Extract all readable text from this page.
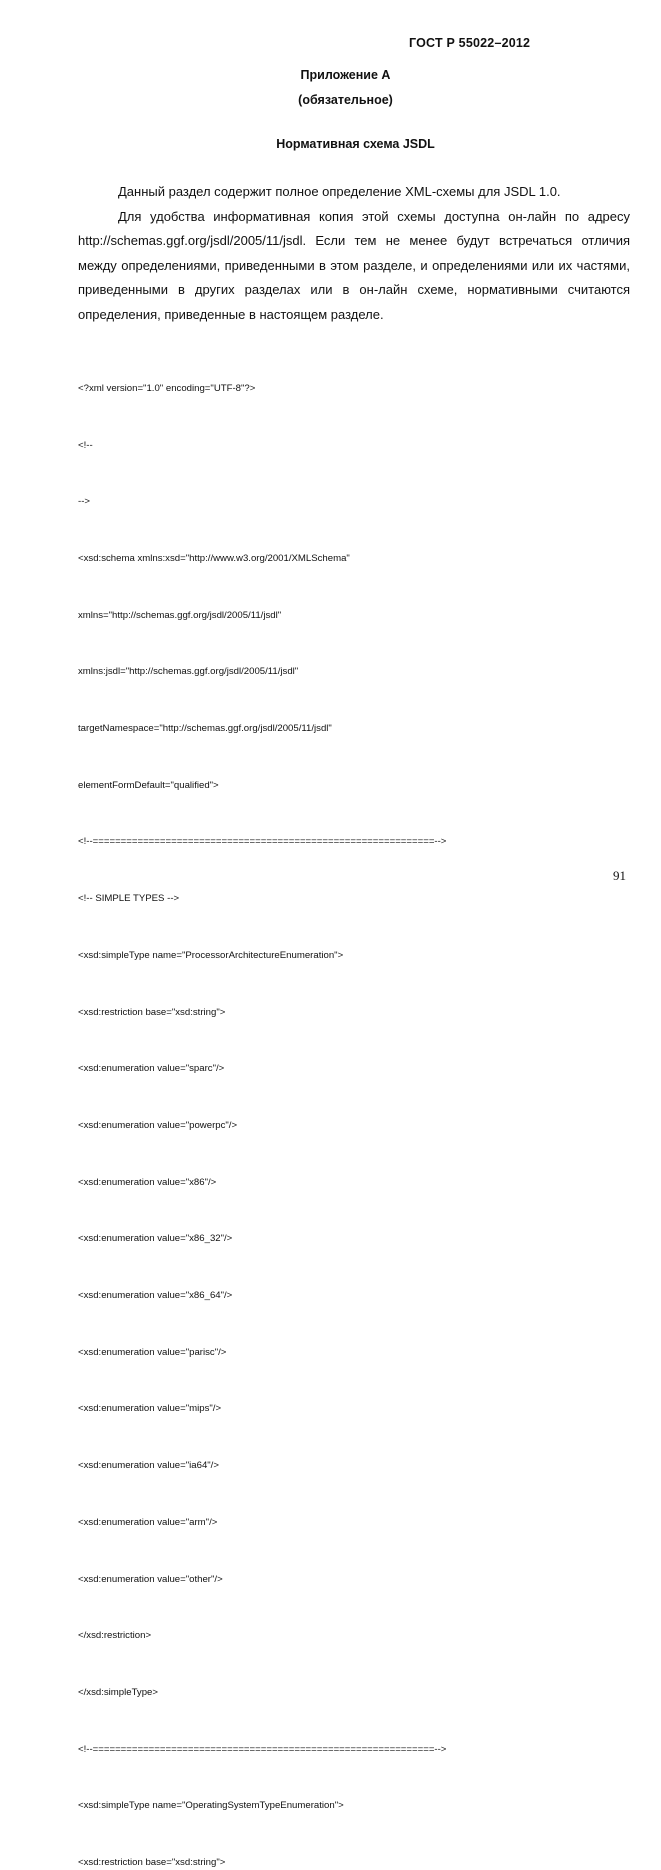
ГОСТ Р 55022–2012
Приложение А
(обязательное)
Нормативная схема JSDL

Данный раздел содержит полное определение XML-схемы для JSDL 1.0.

Для удобства информативная копия этой схемы доступна он-лайн по адресу http://schemas.ggf.org/jsdl/2005/11/jsdl. Если тем не менее будут встречаться отличия между определениями, приведенными в этом разделе, и определениями или их частями, приведенными в других разделах или в он-лайн схеме, нормативными считаются определения, приведенные в настоящем разделе.

<?xml version="1.0" encoding="UTF-8"?>

<!--

-->

<xsd:schema xmlns:xsd="http://www.w3.org/2001/XMLSchema"

xmlns="http://schemas.ggf.org/jsdl/2005/11/jsdl"

xmlns:jsdl="http://schemas.ggf.org/jsdl/2005/11/jsdl"

targetNamespace="http://schemas.ggf.org/jsdl/2005/11/jsdl"

elementFormDefault="qualified">

<!--=============================================================-->

<!-- SIMPLE TYPES -->

<xsd:simpleType name="ProcessorArchitectureEnumeration">

<xsd:restriction base="xsd:string">

<xsd:enumeration value="sparc"/>

<xsd:enumeration value="powerpc"/>

<xsd:enumeration value="x86"/>

<xsd:enumeration value="x86_32"/>

<xsd:enumeration value="x86_64"/>

<xsd:enumeration value="parisc"/>

<xsd:enumeration value="mips"/>

<xsd:enumeration value="ia64"/>

<xsd:enumeration value="arm"/>

<xsd:enumeration value="other"/>

</xsd:restriction>

</xsd:simpleType>

<!--=============================================================-->

<xsd:simpleType name="OperatingSystemTypeEnumeration">

<xsd:restriction base="xsd:string">

91
